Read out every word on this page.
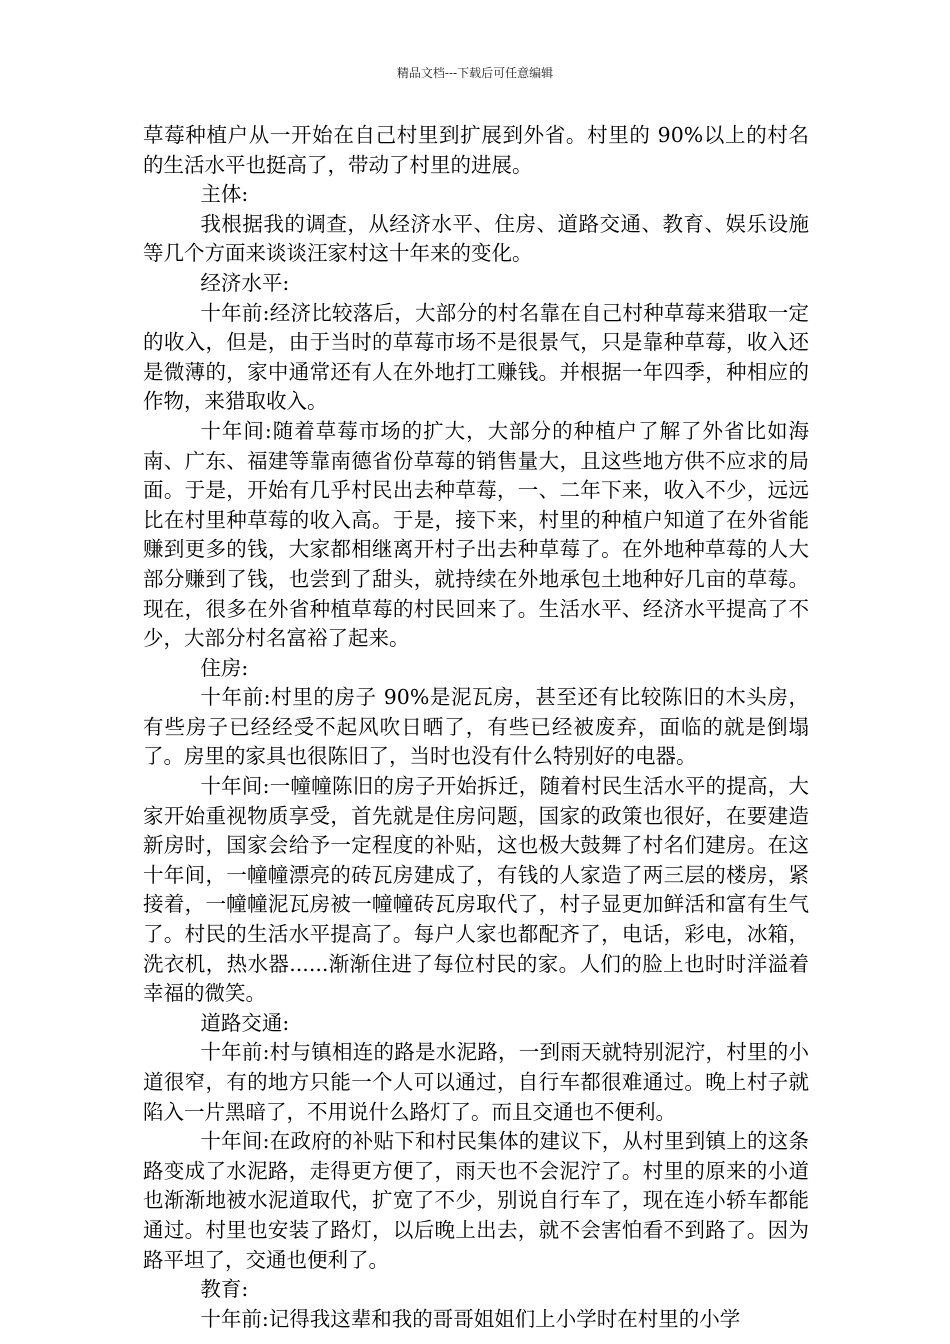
精品文档---下载后可任意编辑

草莓种植户从一开始在自己村里到扩展到外省。村里的 90%以上的村名的生活水平也挺高了，带动了村里的进展。

主体:

我根据我的调查，从经济水平、住房、道路交通、教育、娱乐设施等几个方面来谈谈汪家村这十年来的变化。

经济水平:

十年前:经济比较落后，大部分的村名靠在自己村种草莓来猎取一定的收入，但是，由于当时的草莓市场不是很景气，只是靠种草莓，收入还是微薄的，家中通常还有人在外地打工赚钱。并根据一年四季，种相应的作物，来猎取收入。

十年间:随着草莓市场的扩大，大部分的种植户了解了外省比如海南、广东、福建等靠南德省份草莓的销售量大，且这些地方供不应求的局面。于是，开始有几乎村民出去种草莓，一、二年下来，收入不少，远远比在村里种草莓的收入高。于是，接下来，村里的种植户知道了在外省能赚到更多的钱，大家都相继离开村子出去种草莓了。在外地种草莓的人大部分赚到了钱，也尝到了甜头，就持续在外地承包土地种好几亩的草莓。现在，很多在外省种植草莓的村民回来了。生活水平、经济水平提高了不少，大部分村名富裕了起来。

住房:

十年前:村里的房子 90%是泥瓦房，甚至还有比较陈旧的木头房，有些房子已经经受不起风吹日晒了，有些已经被废弃，面临的就是倒塌了。房里的家具也很陈旧了，当时也没有什么特别好的电器。

十年间:一幢幢陈旧的房子开始拆迁，随着村民生活水平的提高，大家开始重视物质享受，首先就是住房问题，国家的政策也很好，在要建造新房时，国家会给予一定程度的补贴，这也极大鼓舞了村名们建房。在这十年间，一幢幢漂亮的砖瓦房建成了，有钱的人家造了两三层的楼房，紧接着，一幢幢泥瓦房被一幢幢砖瓦房取代了，村子显更加鲜活和富有生气了。村民的生活水平提高了。每户人家也都配齐了，电话，彩电，冰箱，洗衣机，热水器......渐渐住进了每位村民的家。人们的脸上也时时洋溢着幸福的微笑。

道路交通:

十年前:村与镇相连的路是水泥路，一到雨天就特别泥泞，村里的小道很窄，有的地方只能一个人可以通过，自行车都很难通过。晚上村子就陷入一片黑暗了，不用说什么路灯了。而且交通也不便利。

十年间:在政府的补贴下和村民集体的建议下，从村里到镇上的这条路变成了水泥路，走得更方便了，雨天也不会泥泞了。村里的原来的小道也渐渐地被水泥道取代，扩宽了不少，别说自行车了，现在连小轿车都能通过。村里也安装了路灯，以后晚上出去，就不会害怕看不到路了。因为路平坦了，交通也便利了。

教育:

十年前:记得我这辈和我的哥哥姐姐们上小学时在村里的小学
